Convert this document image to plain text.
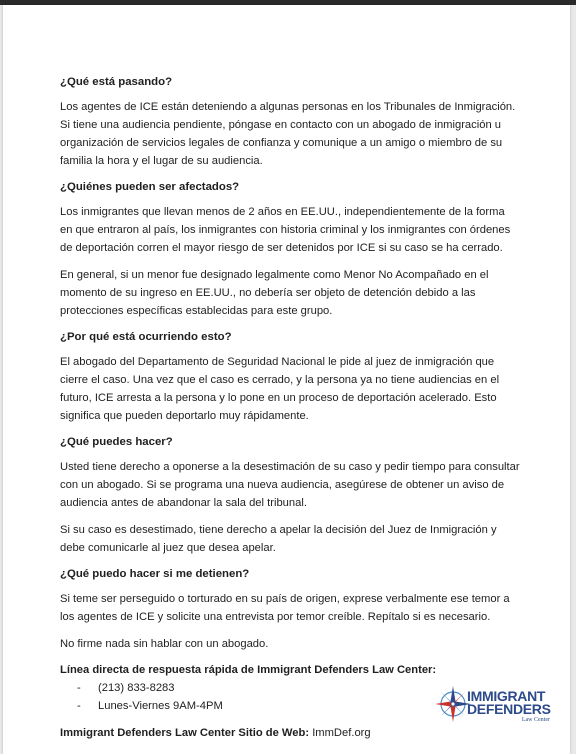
¿Qué está pasando?

Los agentes de ICE están deteniendo a algunas personas en los Tribunales de Inmigración. Si tiene una audiencia pendiente, póngase en contacto con un abogado de inmigración u organización de servicios legales de confianza y comunique a un amigo o miembro de su familia la hora y el lugar de su audiencia.

¿Quiénes pueden ser afectados?

Los inmigrantes que llevan menos de 2 años en EE.UU., independientemente de la forma en que entraron al país, los inmigrantes con historia criminal y los inmigrantes con órdenes de deportación corren el mayor riesgo de ser detenidos por ICE si su caso se ha cerrado.

En general, si un menor fue designado legalmente como Menor No Acompañado en el momento de su ingreso en EE.UU., no debería ser objeto de detención debido a las protecciones específicas establecidas para este grupo.

¿Por qué está ocurriendo esto?

El abogado del Departamento de Seguridad Nacional le pide al juez de inmigración que cierre el caso. Una vez que el caso es cerrado, y la persona ya no tiene audiencias en el futuro, ICE arresta a la persona y lo pone en un proceso de deportación acelerado. Esto significa que pueden deportarlo muy rápidamente.

¿Qué puedes hacer?

Usted tiene derecho a oponerse a la desestimación de su caso y pedir tiempo para consultar con un abogado. Si se programa una nueva audiencia, asegúrese de obtener un aviso de audiencia antes de abandonar la sala del tribunal.

Si su caso es desestimado, tiene derecho a apelar la decisión del Juez de Inmigración y debe comunicarle al juez que desea apelar.

¿Qué puedo hacer si me detienen?

Si teme ser perseguido o torturado en su país de origen, exprese verbalmente ese temor a los agentes de ICE y solicite una entrevista por temor creíble. Repítalo si es necesario.

No firme nada sin hablar con un abogado.

Línea directa de respuesta rápida de Immigrant Defenders Law Center:
-	(213) 833-8283
-	Lunes-Viernes 9AM-4PM
Immigrant Defenders Law Center Sitio de Web: ImmDef.org
IMMIGRANT
DEFENDERS
Law Center
